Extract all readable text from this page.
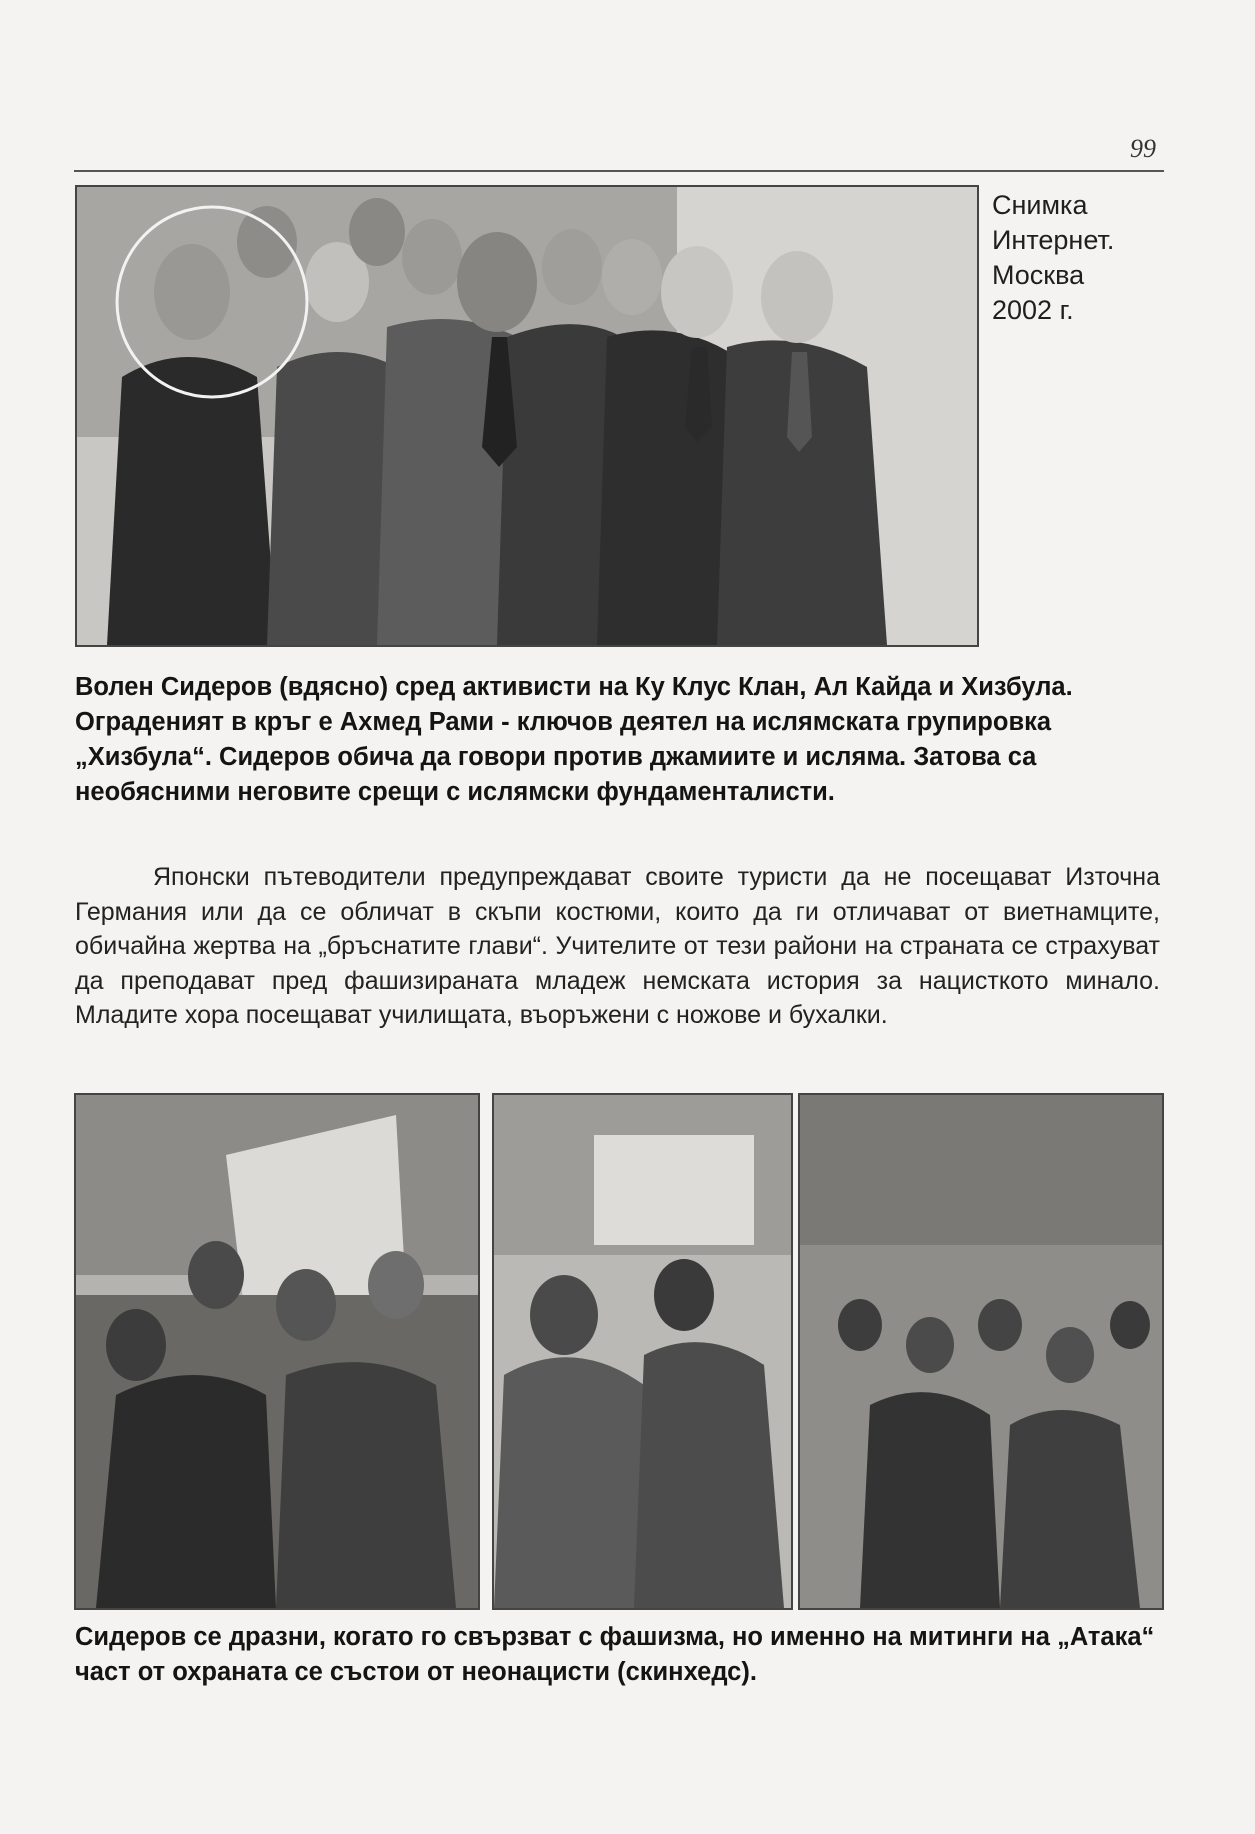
99
Снимка
Интернет.
Москва
2002 г.

Волен Сидеров (вдясно) сред активисти на Ку Клус Клан, Ал Кайда и Хизбула. Оградeният в кръг е Ахмед Рами - ключов деятел на ислямската групировка „Хизбула“. Сидеров обича да говори против джамиите и исляма. Затова са необясними неговите срещи с ислямски фундаменталисти.

Японски пътеводители предупреждават своите туристи да не посещават Източна Германия или да се обличат в скъпи костюми, които да ги отличават от виетнамците, обичайна жертва на „бръснатите глави“. Учителите от тези райони на страната се страхуват да преподават пред фашизираната младеж немската история за нацисткото минало. Младите хора посещават училищата, въоръжени с ножове и бухалки.

Сидеров се дразни, когато го свързват с фашизма, но именно на митинги на „Атака“ част от охраната се състои от неонацисти (скинхедс).
